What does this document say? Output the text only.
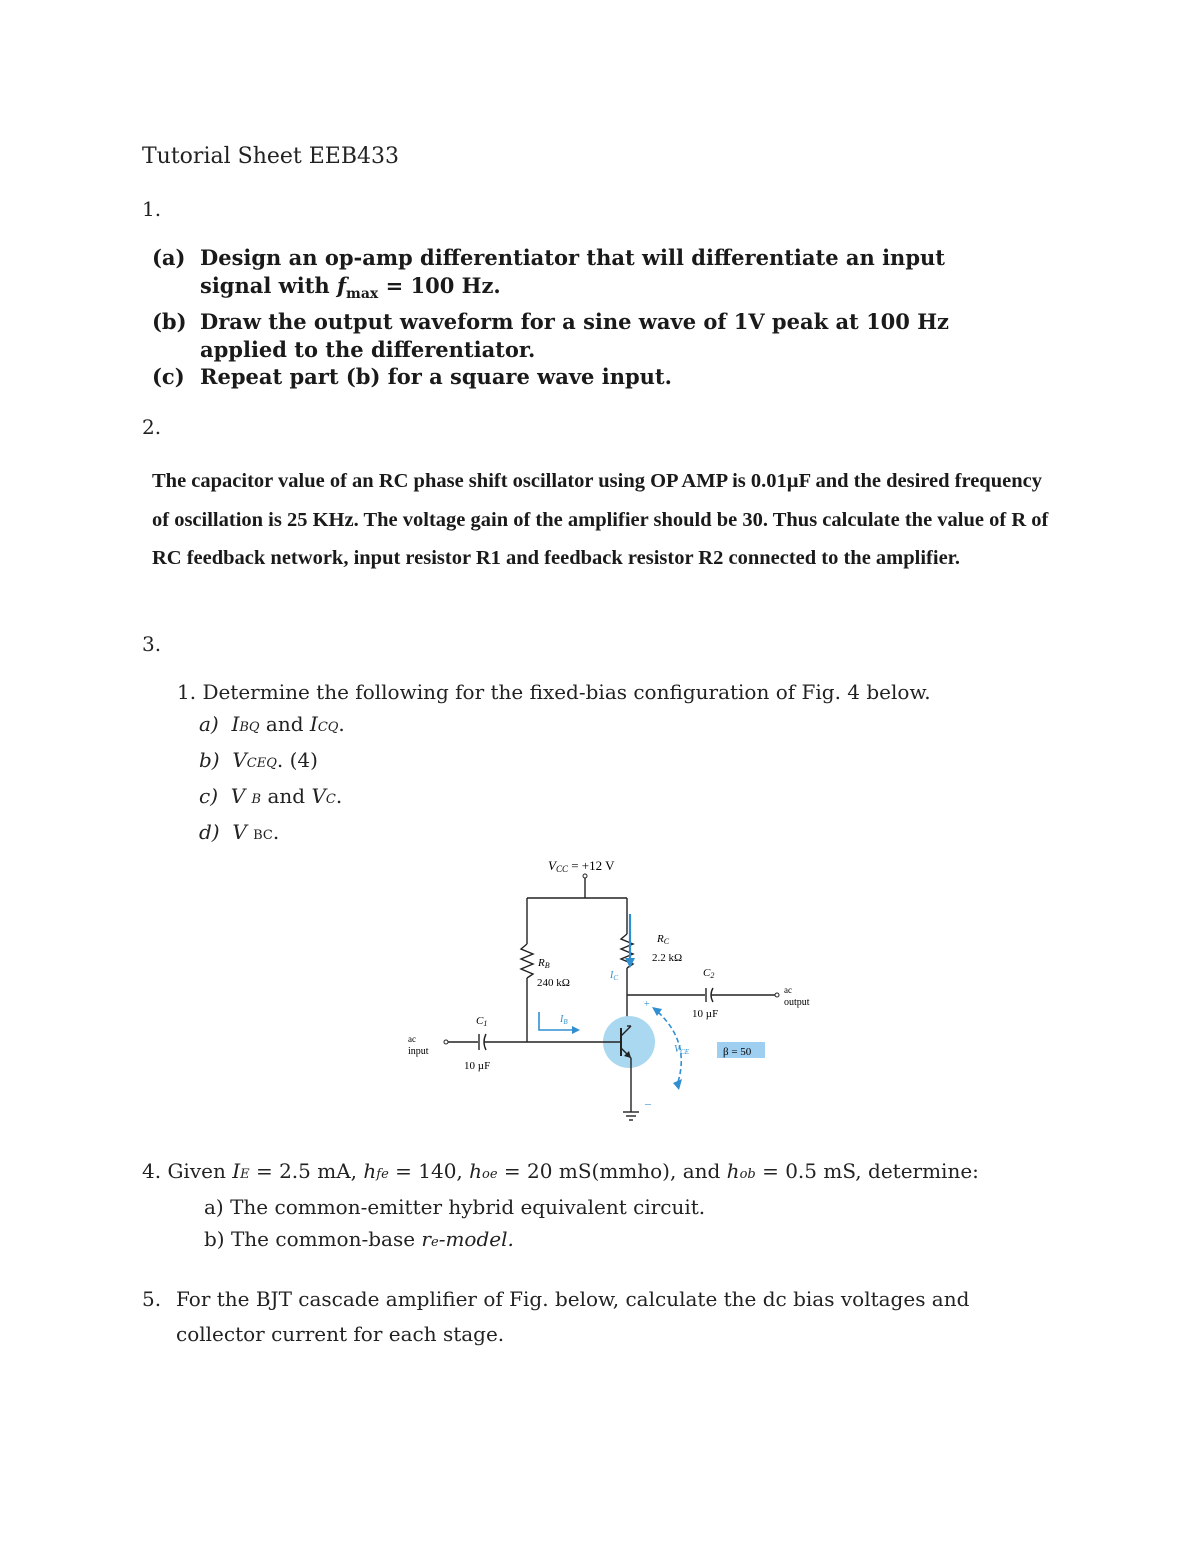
Tutorial Sheet EEB433
1.
(a) Design an op-amp differentiator that will differentiate an input
signal with $f_{max} = 100$ Hz.
(b) Draw the output waveform for a sine wave of 1V peak at 100 Hz
applied to the differentiator.
(c) Repeat part (b) for a square wave input.
2.
The capacitor value of an RC phase shift oscillator using OP AMP is 0.01µF and the desired frequency of oscillation is 25 KHz. The voltage gain of the amplifier should be 30. Thus calculate the value of R of RC feedback network, input resistor R1 and feedback resistor R2 connected to the amplifier.
3.
1. Determine the following for the fixed-bias configuration of Fig. 4 below.
a) IBQ and ICQ.
b) VCEQ. (4)
c) V B and VC.
d) V BC.
VCC = +12 V
RB
240 kΩ
RC
2.2 kΩ
$I_C$	C2
10 µF
ac
output
$I_B$
C1
10 µF
ac
input
+
–
$V_{CE}$	β = 50
4. Given IE = 2.5 mA, hfe = 140, hoe = 20 mS(mmho), and hob = 0.5 mS, determine:
a) The common-emitter hybrid equivalent circuit.
b) The common-base re-model.
5. For the BJT cascade amplifier of Fig. below, calculate the dc bias voltages and collector current for each stage.
